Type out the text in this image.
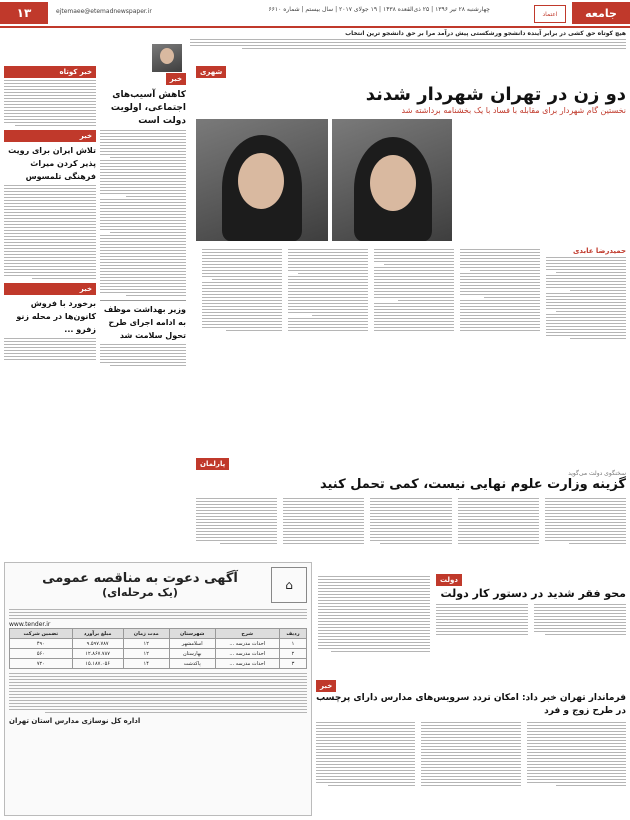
جامعه
اعتماد
چهارشنبه ۲۸ تیر ۱۳۹۶ | ۲۵ ذی‌القعده ۱۴۳۸ | ۱۹ جولای ۲۰۱۷ | سال بیستم | شماره ۶۶۱۰
ejtemaee@etemadnewspaper.ir
۱۳
هیچ کوتاه حق کشی در برابر آینده دانشجو ورشکستی پیش درآمد مرا بر حق دانشجو ترین انتخاب
شهری
دو زن در تهران شهردار شدند
نخستین گام شهردار برای مقابله با فساد با یک بخشنامه برداشته شد
حمیدرضا عابدی
خبر
کاهش آسیب‌های اجتماعی، اولویت دولت است
وزیر بهداشت موظف به ادامه اجرای طرح تحول سلامت شد
خبر کوتاه
خبر
تلاش ایران برای رویت پذیر کردن میراث فرهنگی تلمسوس
خبر
برخورد با فروش کانون‌ها در محله زنو زفرو ...
پارلمان
سخنگوی دولت می‌گوید
گزینه وزارت علوم نهایی نیست، کمی تحمل کنید
دولت
محو فقر شدید در دستور کار دولت
خبر
فرماندار تهران خبر داد: امکان تردد سرویس‌های مدارس دارای پرچسب در طرح زوج و فرد
⌂
آگهی دعوت به مناقصه عمومی
(یک مرحله‌ای)
www.tender.ir
ردیف	شرح	شهرستان	مدت زمان	مبلغ برآورد	تضمین شرکت
۱	احداث مدرسه ...	اسلامشهر	۱۲	۹.۵۹۷.۷۸۷	۴۹۰
۲	احداث مدرسه ...	بهارستان	۱۲	۱۲.۸۶۷.۷۸۷	۵۶۰
۳	احداث مدرسه ...	پاکدشت	۱۴	۱۵.۱۸۷.۰۵۶	۷۲۰
اداره کل نوسازی مدارس استان تهران
